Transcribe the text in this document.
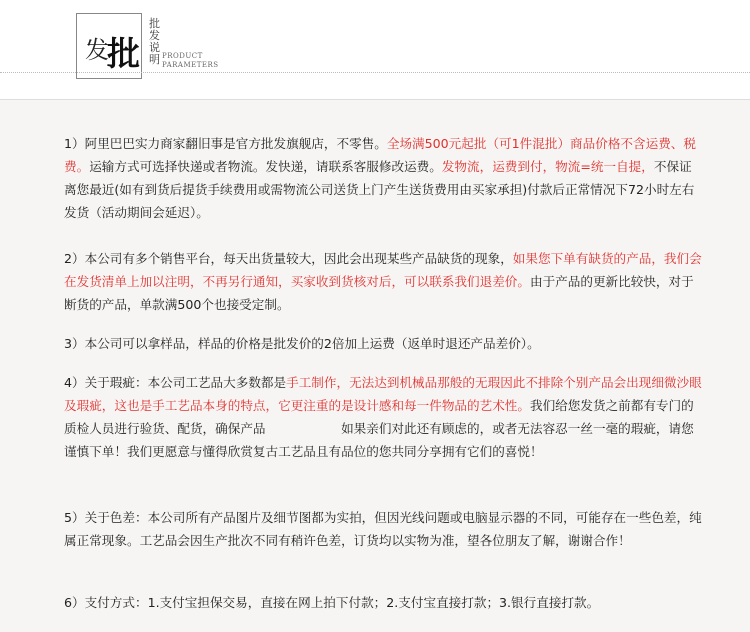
发
批
批发说明 PRODUCT
PARAMETERS
1）阿里巴巴实力商家翻旧事是官方批发旗舰店，不零售。全场满500元起批（可1件混批）商品价格不含运费、税费。运输方式可选择快递或者物流。发快递，请联系客服修改运费。发物流，运费到付，物流=统一自提，不保证离您最近(如有到货后提货手续费用或需物流公司送货上门产生送货费用由买家承担)付款后正常情况下72小时左右发货（活动期间会延迟）。
2）本公司有多个销售平台，每天出货量较大，因此会出现某些产品缺货的现象，如果您下单有缺货的产品，我们会在发货清单上加以注明，不再另行通知，买家收到货核对后，可以联系我们退差价。由于产品的更新比较快，对于断货的产品，单款满500个也接受定制。
3）本公司可以拿样品，样品的价格是批发价的2倍加上运费（返单时退还产品差价）。
4）关于瑕疵：本公司工艺品大多数都是手工制作，无法达到机械品那般的无瑕因此不排除个别产品会出现细微沙眼及瑕疵，这也是手工艺品本身的特点，它更注重的是设计感和每一件物品的艺术性。我们给您发货之前都有专门的质检人员进行验货、配货，确保产品　　　　　　如果亲们对此还有顾虑的，或者无法容忍一丝一毫的瑕疵，请您谨慎下单！我们更愿意与懂得欣赏复古工艺品且有品位的您共同分享拥有它们的喜悦！
5）关于色差：本公司所有产品图片及细节图都为实拍，但因光线问题或电脑显示器的不同，可能存在一些色差，纯属正常现象。工艺品会因生产批次不同有稍许色差，订货均以实物为准，望各位朋友了解，谢谢合作！
6）支付方式：1.支付宝担保交易，直接在网上拍下付款；2.支付宝直接打款；3.银行直接打款。
